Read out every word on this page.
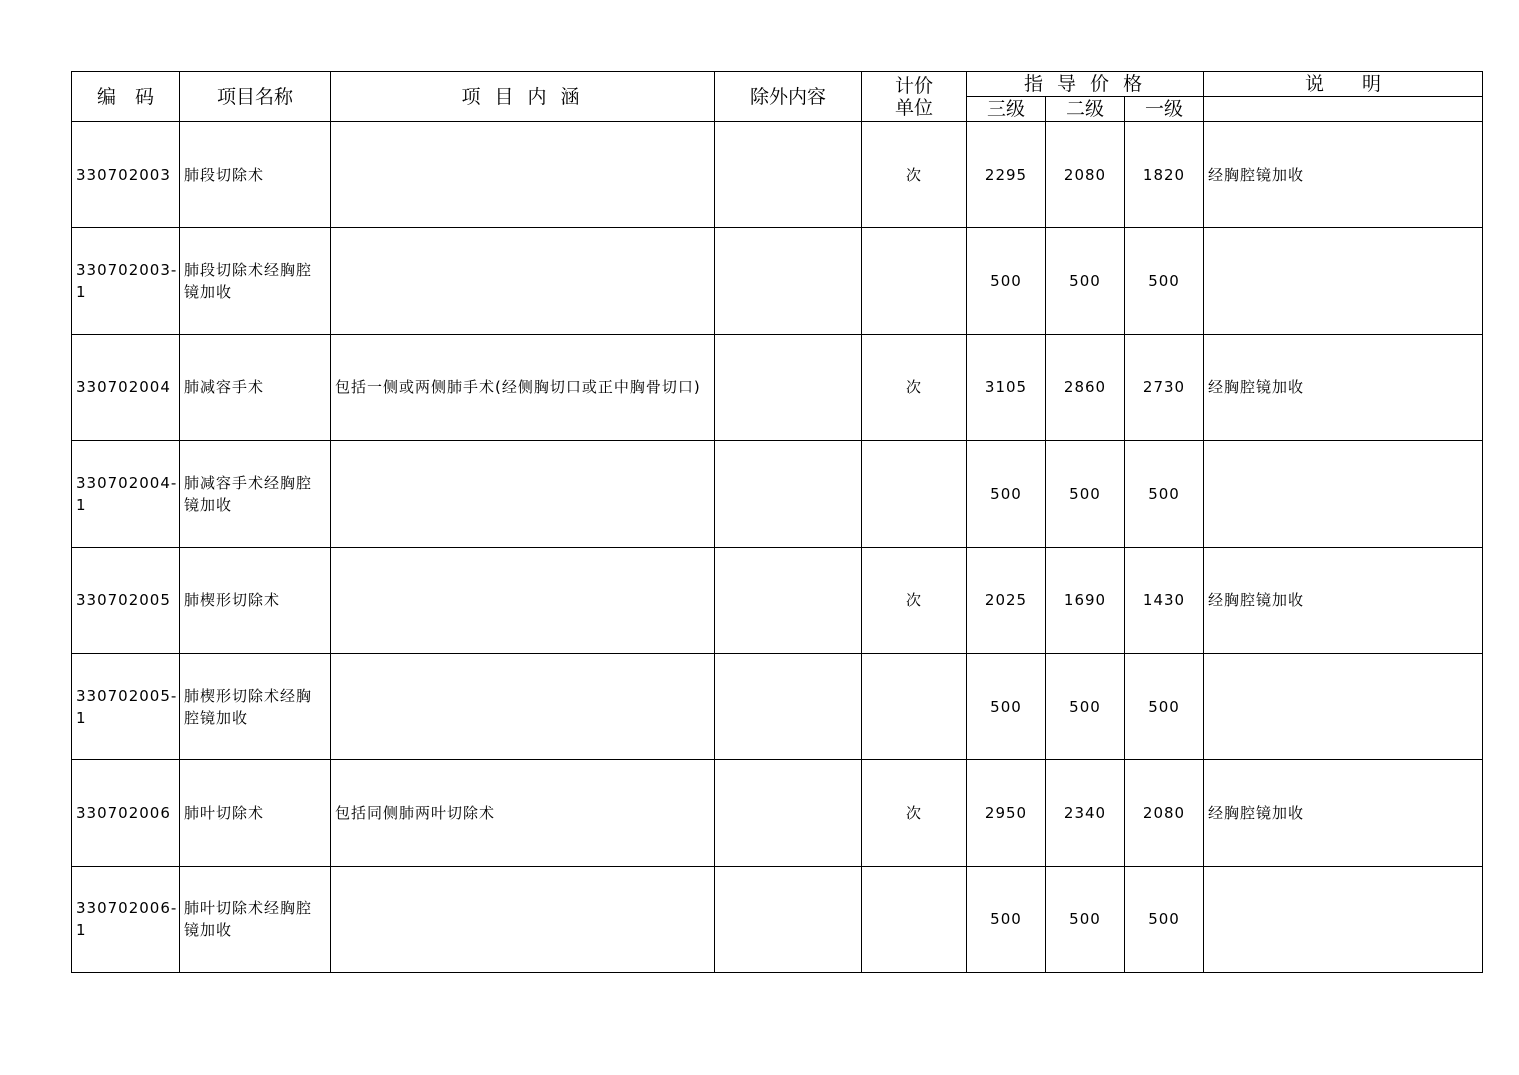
编　码	项目名称	项 目 内 涵	除外内容	计价
单位	指 导 价 格			说　　明
					三级	二级	一级	
330702003	肺段切除术			次	2295	2080	1820	经胸腔镜加收
330702003-1	肺段切除术经胸腔镜加收				500	500	500	
330702004	肺减容手术	包括一侧或两侧肺手术(经侧胸切口或正中胸骨切口)		次	3105	2860	2730	经胸腔镜加收
330702004-1	肺减容手术经胸腔镜加收				500	500	500	
330702005	肺楔形切除术			次	2025	1690	1430	经胸腔镜加收
330702005-1	肺楔形切除术经胸腔镜加收				500	500	500	
330702006	肺叶切除术	包括同侧肺两叶切除术		次	2950	2340	2080	经胸腔镜加收
330702006-1	肺叶切除术经胸腔镜加收				500	500	500	
